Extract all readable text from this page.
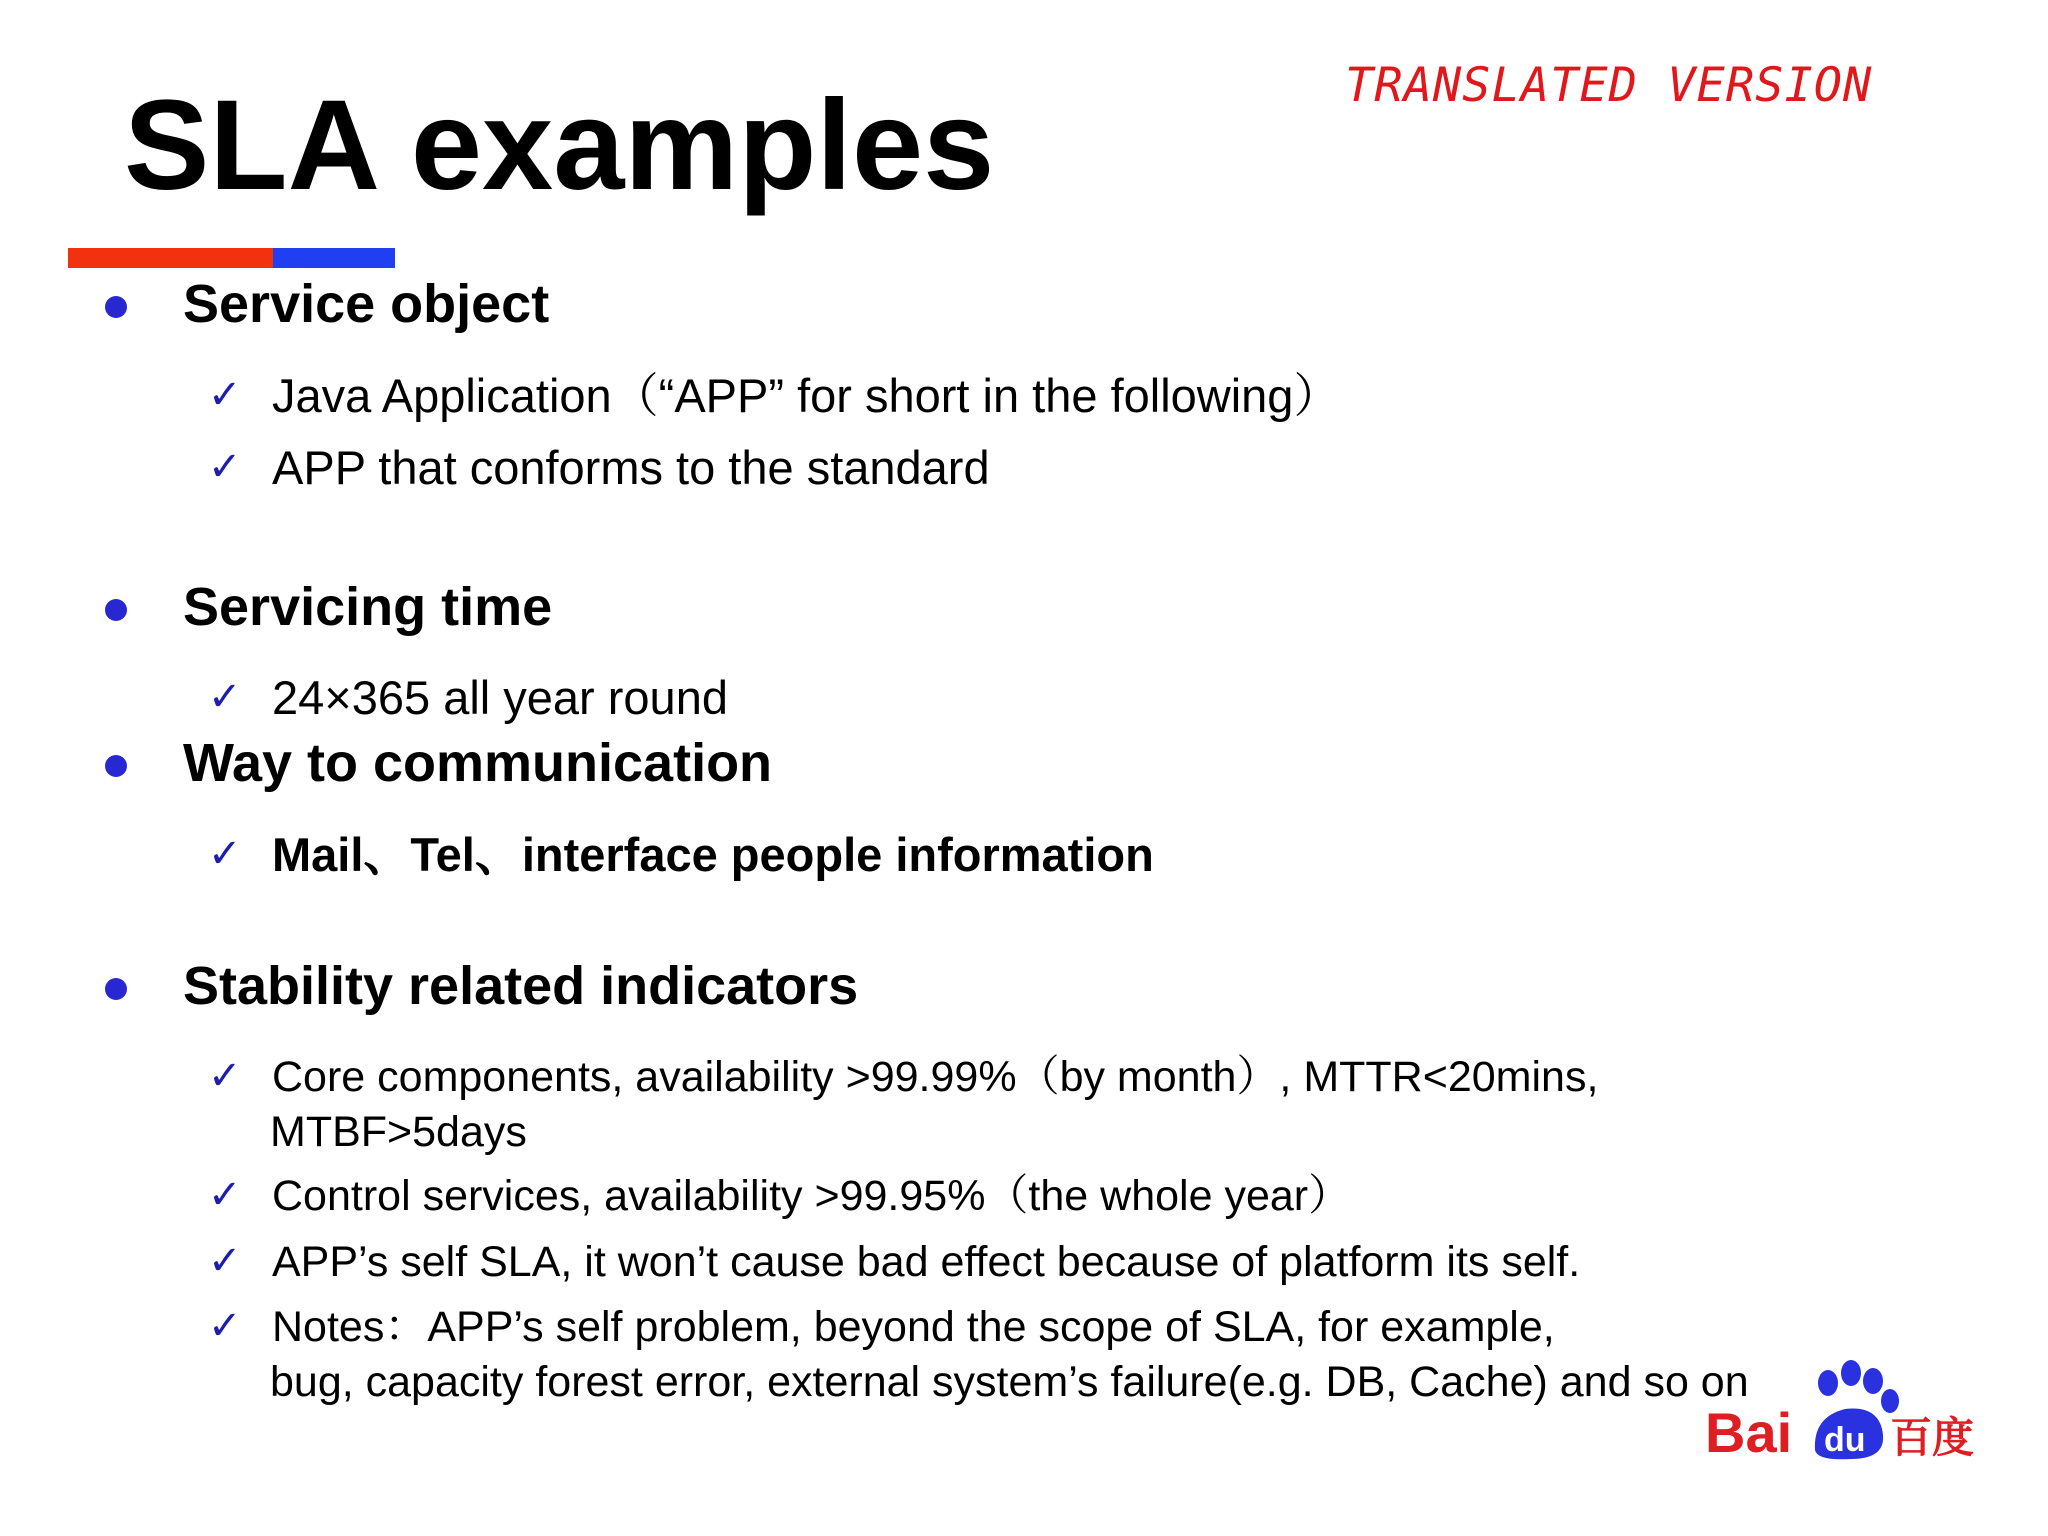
TRANSLATED VERSION
SLA examples
Service object
✓ Java Application（“APP” for short in the following）
✓ APP that conforms to the standard
Servicing time
✓ 24×365 all year round
Way to communication
✓ Mail、Tel、interface people information
Stability related indicators
✓ Core components, availability >99.99%（by month）, MTTR<20mins,
MTBF>5days
✓ Control services, availability >99.95%（the whole year）
✓ APP’s self SLA, it won’t cause bad effect because of platform its self.
✓ Notes：APP’s self problem, beyond the scope of SLA, for example,
bug, capacity forest error, external system’s failure(e.g. DB, Cache) and so on
Bai du 百度
